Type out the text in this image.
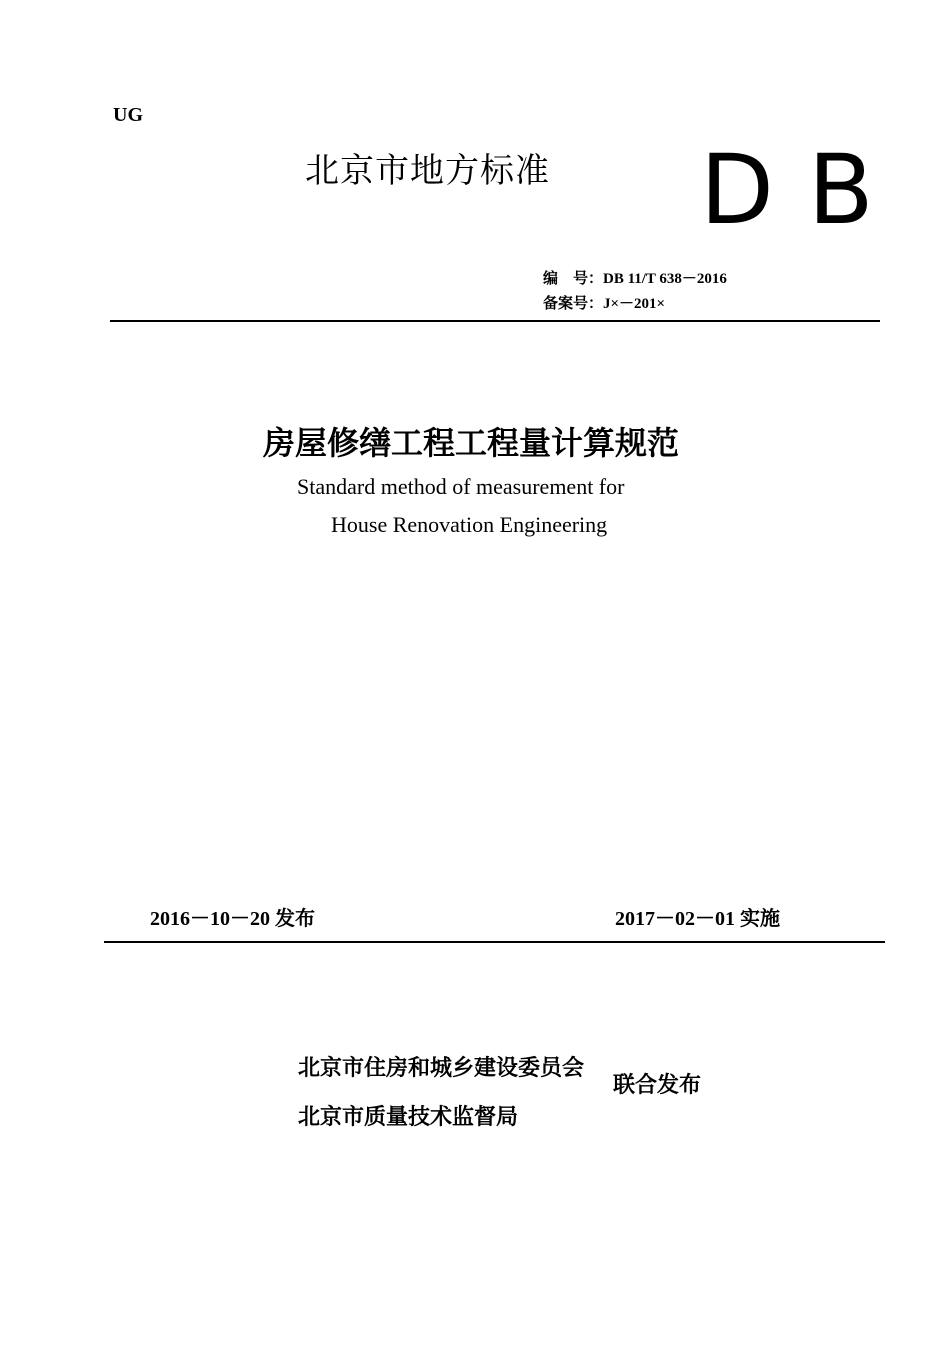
UG
北京市地方标准 DB
编　号：DB 11/T 638－2016
备案号：J×－201×
房屋修缮工程工程量计算规范
Standard method of measurement for
House Renovation Engineering
2016－10－20 发布	2017－02－01 实施
北京市住房和城乡建设委员会
北京市质量技术监督局
联合发布
